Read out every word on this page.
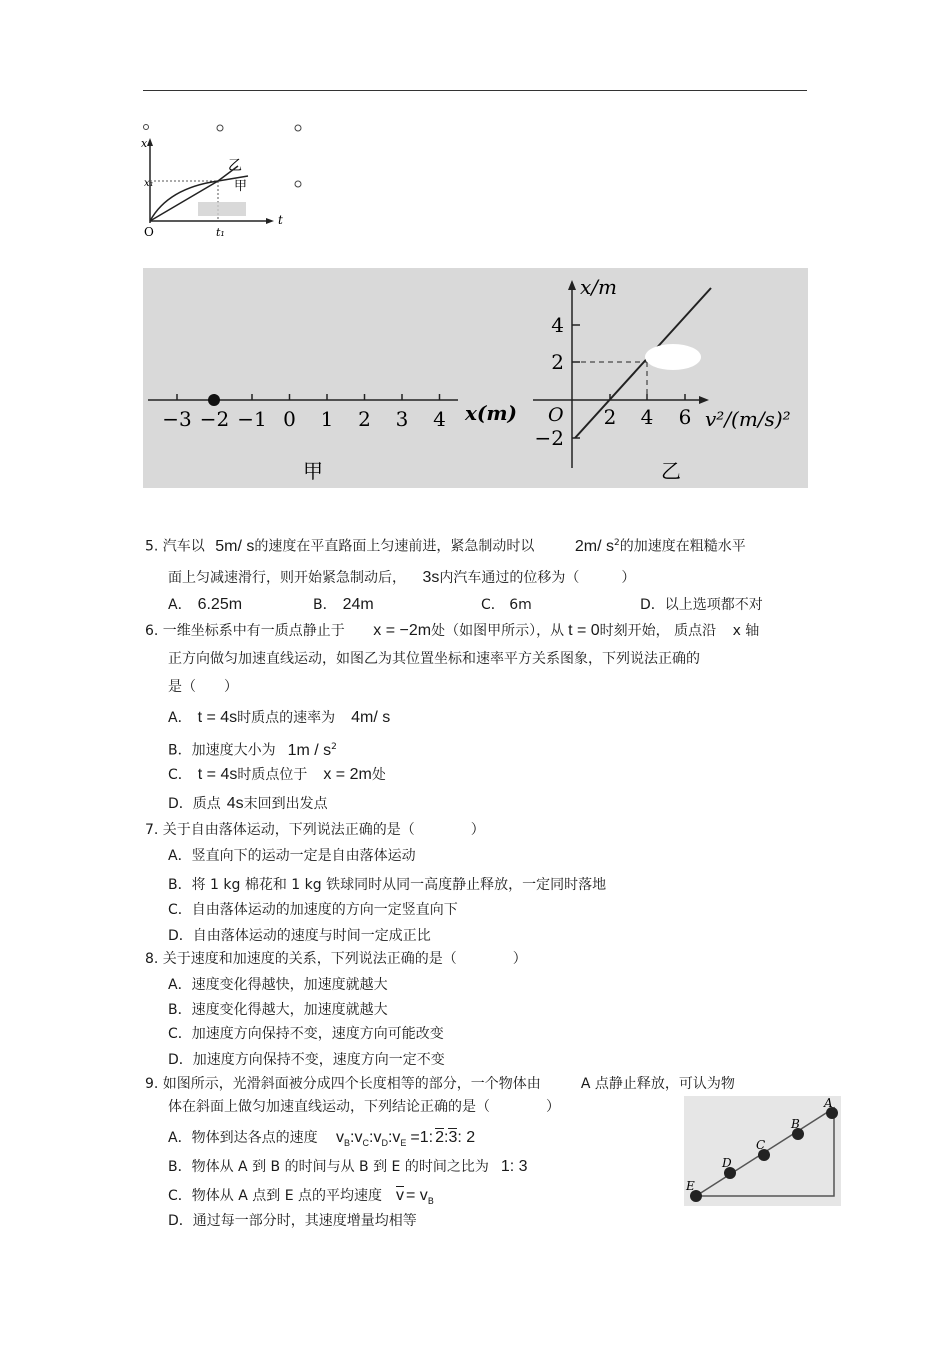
x
t
x₁
t₁
O
乙
甲
−3 −2 −1 0 1 2 3 4 x(m)
甲
x/m
v²/(m/s)²
O
4
2
−2
2 4 6
乙
5. 汽车以 5m/ s的速度在平直路面上匀速前进，紧急制动时以	2m/ $s^2$的加速度在粗糙水平
面上匀减速滑行，则开始紧急制动后， 3s内汽车通过的位移为（　　　）
A． 6.25m	B． 24m	C． 6m	D．以上选项都不对
6. 一维坐标系中有一质点静止于 x = −2m处（如图甲所示），从 t = 0时刻开始， 质点沿 x 轴
正方向做匀加速直线运动，如图乙为其位置坐标和速率平方关系图象，下列说法正确的
是（　　）
A． t = 4s时质点的速率为 4m/ s
B．加速度大小为 $1m / s^2$
C． t = 4s时质点位于 x = 2m处
D．质点 4s末回到出发点
7. 关于自由落体运动，下列说法正确的是（　　　　）
A．竖直向下的运动一定是自由落体运动
B．将 1 kg 棉花和 1 kg 铁球同时从同一高度静止释放，一定同时落地
C．自由落体运动的加速度的方向一定竖直向下
D．自由落体运动的速度与时间一定成正比
8. 关于速度和加速度的关系，下列说法正确的是（　　　　）
A．速度变化得越快，加速度就越大
B．速度变化得越大，加速度就越大
C．加速度方向保持不变，速度方向可能改变
D．加速度方向保持不变，速度方向一定不变
9. 如图所示，光滑斜面被分成四个长度相等的部分，一个物体由	A 点静止释放，可认为物
体在斜面上做匀加速直线运动，下列结论正确的是（　　　　）
A．物体到达各点的速度 $v_B:v_C:v_D:v_E =1$: 2:3: 2
B．物体从 A 到 B 的时间与从 B 到 E 的时间之比为 1: 3
C．物体从 A 点到 E 点的平均速度 $\overline{v} = v_B$
D．通过每一部分时，其速度增量均相等
A
B
C
D
E
